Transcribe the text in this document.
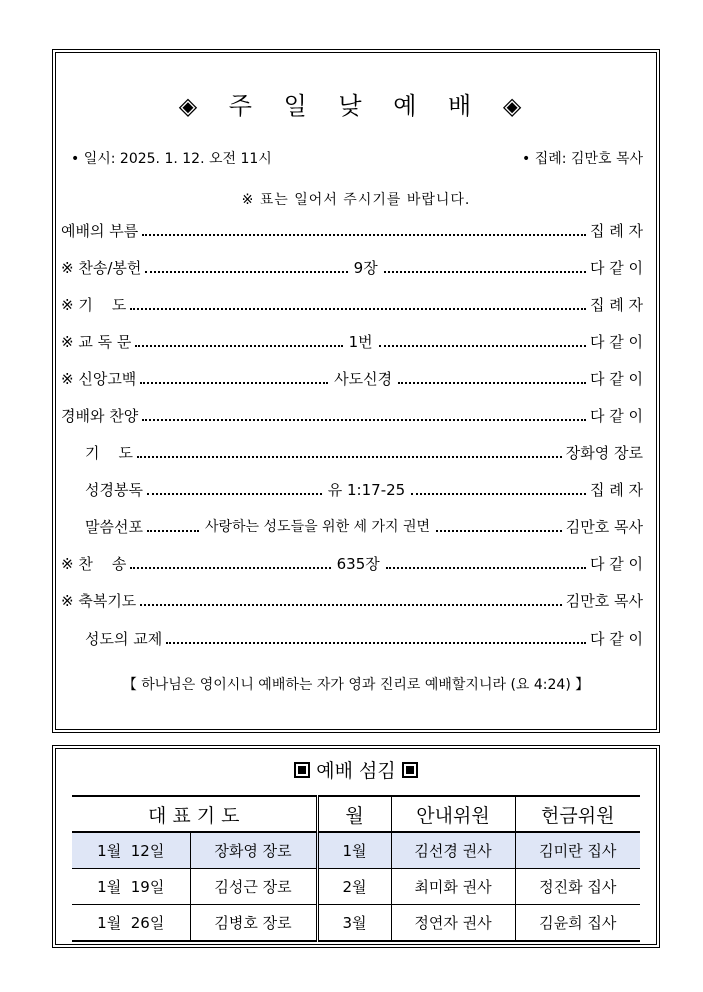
◈ 주 일 낮 예 배 ◈
• 일시: 2025. 1. 12. 오전 11시	• 집례: 김만호 목사
※ 표는 일어서 주시기를 바랍니다.
예배의 부름	집 례 자
※ 찬송/봉헌	9장	다 같 이
※ 기    도	집 례 자
※ 교 독 문	1번	다 같 이
※ 신앙고백	사도신경	다 같 이
경배와 찬양	다 같 이
기    도	장화영 장로
성경봉독	유 1:17-25	집 례 자
말씀선포	사랑하는 성도들을 위한 세 가지 권면	김만호 목사
※ 찬    송	635장	다 같 이
※ 축복기도	김만호 목사
성도의 교제	다 같 이
【 하나님은 영이시니 예배하는 자가 영과 진리로 예배할지니라 (요 4:24) 】
예배 섬김
대 표 기 도		월	안내위원	헌금위원
1월  12일	장화영 장로	1월	김선경 권사	김미란 집사
1월  19일	김성근 장로	2월	최미화 권사	정진화 집사
1월  26일	김병호 장로	3월	정연자 권사	김윤희 집사
